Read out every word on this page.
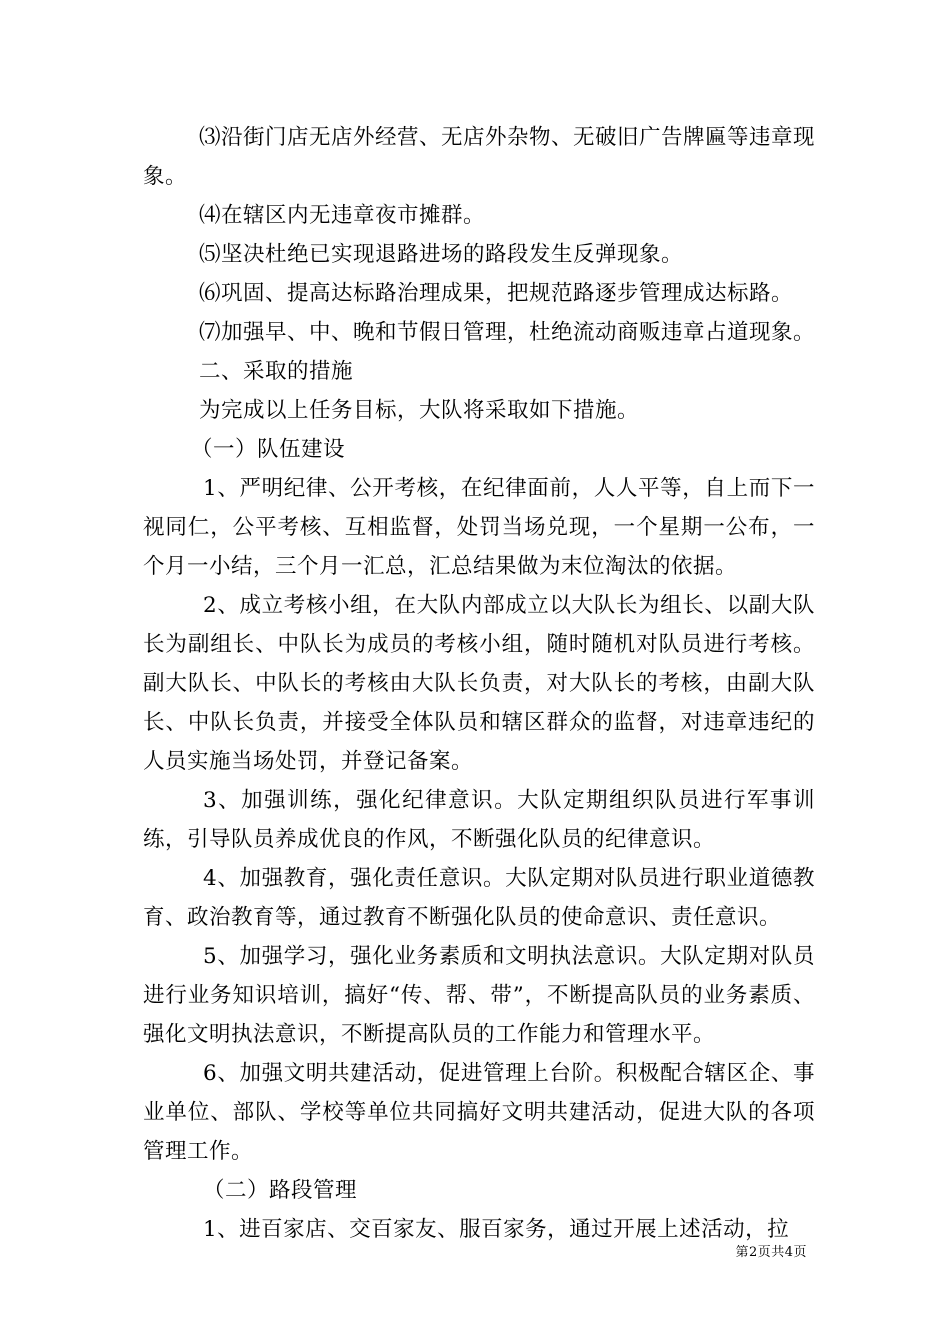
⑶沿街门店无店外经营、无店外杂物、无破旧广告牌匾等违章现象。

⑷在辖区内无违章夜市摊群。

⑸坚决杜绝已实现退路进场的路段发生反弹现象。

⑹巩固、提高达标路治理成果，把规范路逐步管理成达标路。

⑺加强早、中、晚和节假日管理，杜绝流动商贩违章占道现象。

二、采取的措施

为完成以上任务目标，大队将采取如下措施。

（一）队伍建设

1、严明纪律、公开考核，在纪律面前，人人平等，自上而下一视同仁，公平考核、互相监督，处罚当场兑现，一个星期一公布，一个月一小结，三个月一汇总，汇总结果做为末位淘汰的依据。

2、成立考核小组，在大队内部成立以大队长为组长、以副大队长为副组长、中队长为成员的考核小组，随时随机对队员进行考核。副大队长、中队长的考核由大队长负责，对大队长的考核，由副大队长、中队长负责，并接受全体队员和辖区群众的监督，对违章违纪的人员实施当场处罚，并登记备案。

3、加强训练，强化纪律意识。大队定期组织队员进行军事训练，引导队员养成优良的作风，不断强化队员的纪律意识。

4、加强教育，强化责任意识。大队定期对队员进行职业道德教育、政治教育等，通过教育不断强化队员的使命意识、责任意识。

5、加强学习，强化业务素质和文明执法意识。大队定期对队员进行业务知识培训，搞好“传、帮、带”，不断提高队员的业务素质、强化文明执法意识，不断提高队员的工作能力和管理水平。

6、加强文明共建活动，促进管理上台阶。积极配合辖区企、事业单位、部队、学校等单位共同搞好文明共建活动，促进大队的各项管理工作。

（二）路段管理

1、进百家店、交百家友、服百家务，通过开展上述活动，拉

第2页共4页
